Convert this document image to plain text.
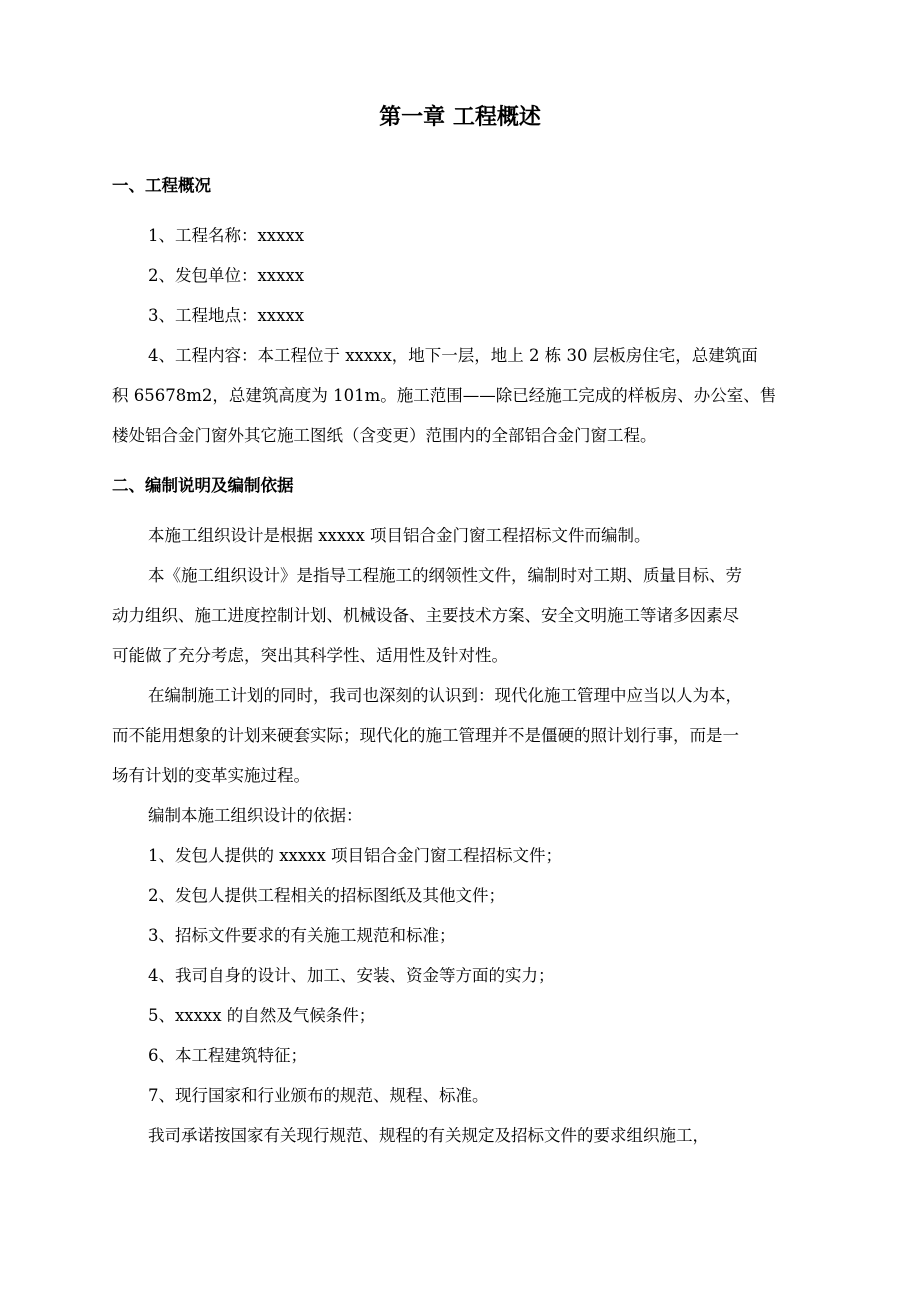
第一章 工程概述
一、工程概况

1、工程名称：xxxxx

2、发包单位：xxxxx

3、工程地点：xxxxx

4、工程内容：本工程位于 xxxxx，地下一层，地上 2 栋 30 层板房住宅，总建筑面

积 65678m2，总建筑高度为 101m。施工范围——除已经施工完成的样板房、办公室、售

楼处铝合金门窗外其它施工图纸（含变更）范围内的全部铝合金门窗工程。

二、编制说明及编制依据

本施工组织设计是根据 xxxxx 项目铝合金门窗工程招标文件而编制。

本《施工组织设计》是指导工程施工的纲领性文件，编制时对工期、质量目标、劳

动力组织、施工进度控制计划、机械设备、主要技术方案、安全文明施工等诸多因素尽

可能做了充分考虑，突出其科学性、适用性及针对性。

在编制施工计划的同时，我司也深刻的认识到：现代化施工管理中应当以人为本，

而不能用想象的计划来硬套实际；现代化的施工管理并不是僵硬的照计划行事，而是一

场有计划的变革实施过程。

编制本施工组织设计的依据：

1、发包人提供的 xxxxx 项目铝合金门窗工程招标文件；

2、发包人提供工程相关的招标图纸及其他文件；

3、招标文件要求的有关施工规范和标准；

4、我司自身的设计、加工、安装、资金等方面的实力；

5、xxxxx 的自然及气候条件；

6、本工程建筑特征；

7、现行国家和行业颁布的规范、规程、标准。

我司承诺按国家有关现行规范、规程的有关规定及招标文件的要求组织施工，
